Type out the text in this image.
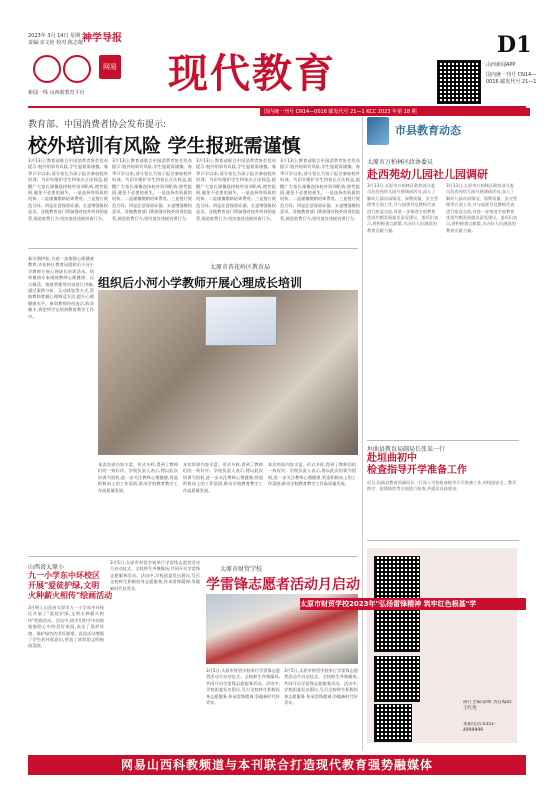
2023年 3月 14日 星期二
责编:宋文艳 校对:陈志敬 神学导报
网易
新闻一线 山西新教育平台	现代教育
D1
山西新闻APP
国内统一刊号 CN14—0016 邮发代号 21—1
国内统一刊号 CN14—0016 邮发代号 21—1 KCC 2023 年第 18 期
教育部、中国消费者协会发布提示:
校外培训有风险 学生报班需谨慎
3月13日,教育部联合中国消费者协会发布提示:校外培训有风险,学生报班需谨慎。春季开学以来,部分家长为孩子报名参加校外培训。为切实维护学生和家长合法权益,提醒广大家长谨慎选择校外培训机构,理性报班,避免不必要的损失。一是选择有资质的机构。二是谨慎缴纳培训费用。三是签订规范合同。四是注意保留证据。五是增强维权意识。各地教育部门将加强对校外培训的监管,规范收费行为,坚决查处违规培训行为。
3月13日,教育部联合中国消费者协会发布提示:校外培训有风险,学生报班需谨慎。春季开学以来,部分家长为孩子报名参加校外培训。为切实维护学生和家长合法权益,提醒广大家长谨慎选择校外培训机构,理性报班,避免不必要的损失。一是选择有资质的机构。二是谨慎缴纳培训费用。三是签订规范合同。四是注意保留证据。五是增强维权意识。各地教育部门将加强对校外培训的监管,规范收费行为,坚决查处违规培训行为。
3月13日,教育部联合中国消费者协会发布提示:校外培训有风险,学生报班需谨慎。春季开学以来,部分家长为孩子报名参加校外培训。为切实维护学生和家长合法权益,提醒广大家长谨慎选择校外培训机构,理性报班,避免不必要的损失。一是选择有资质的机构。二是谨慎缴纳培训费用。三是签订规范合同。四是注意保留证据。五是增强维权意识。各地教育部门将加强对校外培训的监管,规范收费行为,坚决查处违规培训行为。
3月13日,教育部联合中国消费者协会发布提示:校外培训有风险,学生报班需谨慎。春季开学以来,部分家长为孩子报名参加校外培训。为切实维护学生和家长合法权益,提醒广大家长谨慎选择校外培训机构,理性报班,避免不必要的损失。一是选择有资质的机构。二是谨慎缴纳培训费用。三是签订规范合同。四是注意保留证据。五是增强维权意识。各地教育部门将加强对校外培训的监管,规范收费行为,坚决查处违规培训行为。
市县教育动态
太原市万柏林区政协委员
赴西苑幼儿园社儿园调研
3月13日,太原市万柏林区政协部分委员赴西苑幼儿园开展调研活动,深入了解幼儿园办园情况、保教质量、安全管理等方面工作,并与园领导及教师代表进行座谈交流,对进一步推进学前教育优质均衡发展提出意见建议。委员们表示,将积极建言献策,为办好人民满意的教育贡献力量。
3月13日,太原市万柏林区政协部分委员赴西苑幼儿园开展调研活动,深入了解幼儿园办园情况、保教质量、安全管理等方面工作,并与园领导及教师代表进行座谈交流,对进一步推进学前教育优质均衡发展提出意见建议。委员们表示,将积极建言献策,为办好人民满意的教育贡献力量。
垣曲县教育局副局长张某一行
赴垣曲初中
检查指导开学准备工作
近日,垣曲县教育局副局长一行深入学校检查指导开学准备工作,对校园安全、教学秩序、疫情防控等方面进行检查,并提出具体要求。
执行主编:薛峰 责任编辑:王红英
本版电话:0351-4999999
新学期伊始,为进一步加强心理健康教育,杏花岭区教育局组织后小河小学教师开展心理成长培训活动。培训邀请专家围绕教师心理健康、压力调适、情绪管理等内容进行讲解,通过案例分析、互动体验等方式,帮助教师掌握心理调适方法,提升心理健康水平。参训教师纷纷表示,收获颇丰,将把所学运用到教育教学工作中。
太原市杏花岭区教育局
组织后小河小学教师开展心理成长培训
本次培训内容丰富、形式多样,得到了教师们的一致好评。学校负责人表示,将以此次培训为契机,进一步关注教师心理健康,营造积极向上的工作氛围,推动学校教育教学工作高质量发展。
本次培训内容丰富、形式多样,得到了教师们的一致好评。学校负责人表示,将以此次培训为契机,进一步关注教师心理健康,营造积极向上的工作氛围,推动学校教育教学工作高质量发展。
本次培训内容丰富、形式多样,得到了教师们的一致好评。学校负责人表示,将以此次培训为契机,进一步关注教师心理健康,营造积极向上的工作氛围,推动学校教育教学工作高质量发展。
山西省太原小
九一小学东中环校区
开展"爱徒护绿,文明
火种薪火相传"绘画活动
3月9日,山西省太原市九一小学东中环校区开展了"爱徒护绿,文明火种薪火相传"绘画活动。活动中,同学们用手中的画笔描绘心中的美好家园,表达了爱护环境、保护绿色的美好愿望。此次活动增强了学生的环保意识,营造了浓厚的文明校园氛围。
3月5日,太原市财贸学校举行学雷锋志愿者活动月启动仪式。全校师生齐聚操场,共同开启学雷锋志愿服务活动。活动中,学校团委发出倡议,号召全校师生积极投身志愿服务,传承雷锋精神,争做新时代好青年。
太原市财贸学校
学雷锋志愿者活动月启动
太原市财贸学校2023年"弘扬雷锋精神 筑牢红色根基"学
3月5日,太原市财贸学校举行学雷锋志愿者活动月启动仪式。全校师生齐聚操场,共同开启学雷锋志愿服务活动。活动中,学校团委发出倡议,号召全校师生积极投身志愿服务,传承雷锋精神,争做新时代好青年。
3月5日,太原市财贸学校举行学雷锋志愿者活动月启动仪式。全校师生齐聚操场,共同开启学雷锋志愿服务活动。活动中,学校团委发出倡议,号召全校师生积极投身志愿服务,传承雷锋精神,争做新时代好青年。
网易山西科教频道与本刊联合打造现代教育强势融媒体
